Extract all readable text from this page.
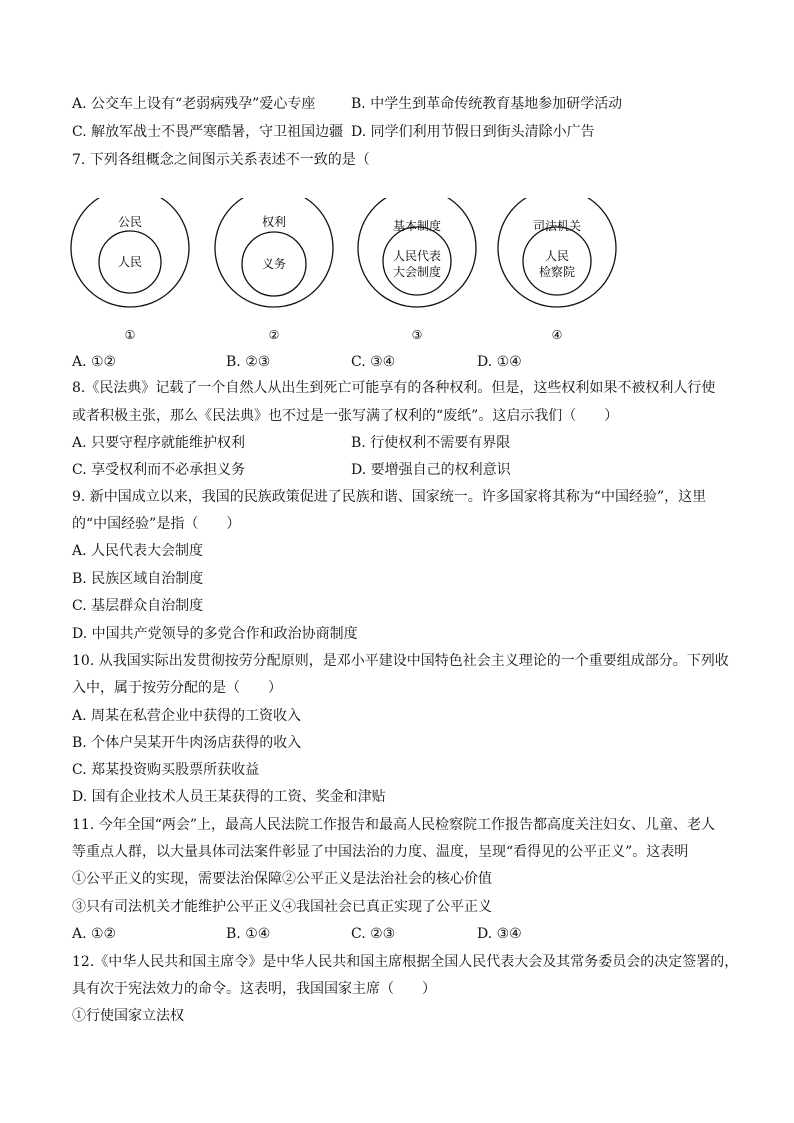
A. 公交车上设有“老弱病残孕”爱心专座	B. 中学生到革命传统教育基地参加研学活动
C. 解放军战士不畏严寒酷暑，守卫祖国边疆 D. 同学们利用节假日到街头清除小广告
7. 下列各组概念之间图示关系表述不一致的是（
公民
人民
①
权利
义务
②
基本制度
人民代表
大会制度
③
司法机关
人民
检察院
④
A. ①②	B. ②③	C. ③④	D. ①④
8.《民法典》记载了一个自然人从出生到死亡可能享有的各种权利。但是，这些权利如果不被权利人行使
或者积极主张，那么《民法典》也不过是一张写满了权利的“废纸”。这启示我们（　　）
A. 只要守程序就能维护权利	B. 行使权利不需要有界限
C. 享受权利而不必承担义务	D. 要增强自己的权利意识
9. 新中国成立以来，我国的民族政策促进了民族和谐、国家统一。许多国家将其称为“中国经验”，这里
的“中国经验”是指（　　）
A. 人民代表大会制度
B. 民族区域自治制度
C. 基层群众自治制度
D. 中国共产党领导的多党合作和政治协商制度
10. 从我国实际出发贯彻按劳分配原则，是邓小平建设中国特色社会主义理论的一个重要组成部分。下列收
入中，属于按劳分配的是（　　）
A. 周某在私营企业中获得的工资收入
B. 个体户吴某开牛肉汤店获得的收入
C. 郑某投资购买股票所获收益
D. 国有企业技术人员王某获得的工资、奖金和津贴
11. 今年全国“两会”上，最高人民法院工作报告和最高人民检察院工作报告都高度关注妇女、儿童、老人
等重点人群，以大量具体司法案件彰显了中国法治的力度、温度，呈现“看得见的公平正义”。这表明
①公平正义的实现，需要法治保障②公平正义是法治社会的核心价值
③只有司法机关才能维护公平正义④我国社会已真正实现了公平正义
A. ①②	B. ①④	C. ②③	D. ③④
12.《中华人民共和国主席令》是中华人民共和国主席根据全国人民代表大会及其常务委员会的决定签署的，
具有次于宪法效力的命令。这表明，我国国家主席（　　）
①行使国家立法权
